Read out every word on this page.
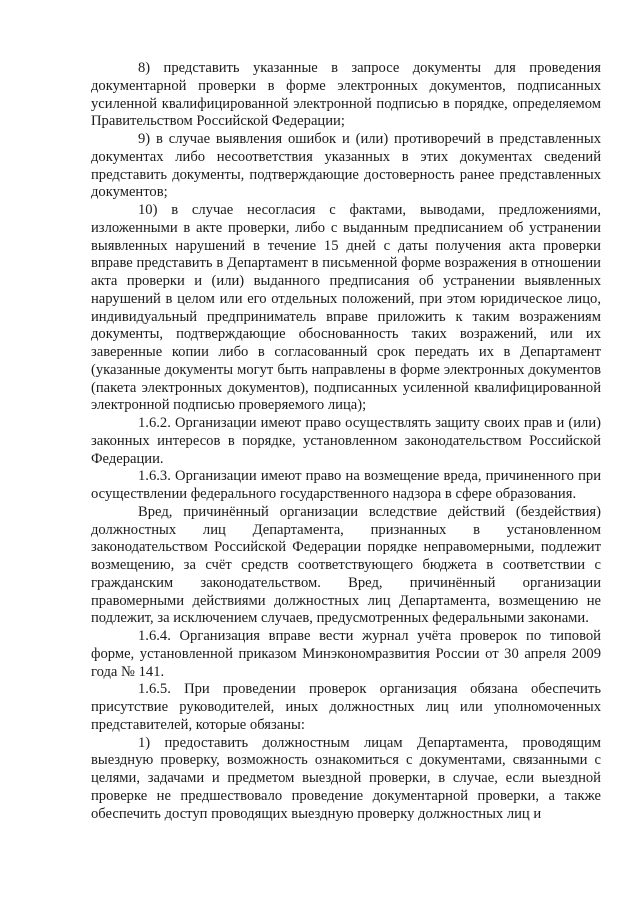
8) представить указанные в запросе документы для проведения документарной проверки в форме электронных документов, подписанных усиленной квалифицированной электронной подписью в порядке, определяемом Правительством Российской Федерации;

9) в случае выявления ошибок и (или) противоречий в представленных документах либо несоответствия указанных в этих документах сведений представить документы, подтверждающие достоверность ранее представленных документов;

10) в случае несогласия с фактами, выводами, предложениями, изложенными в акте проверки, либо с выданным предписанием об устранении выявленных нарушений в течение 15 дней с даты получения акта проверки вправе представить в Департамент в письменной форме возражения в отношении акта проверки и (или) выданного предписания об устранении выявленных нарушений в целом или его отдельных положений, при этом юридическое лицо, индивидуальный предприниматель вправе приложить к таким возражениям документы, подтверждающие обоснованность таких возражений, или их заверенные копии либо в согласованный срок передать их в Департамент (указанные документы могут быть направлены в форме электронных документов (пакета электронных документов), подписанных усиленной квалифицированной электронной подписью проверяемого лица);

1.6.2. Организации имеют право осуществлять защиту своих прав и (или) законных интересов в порядке, установленном законодательством Российской Федерации.

1.6.3. Организации имеют право на возмещение вреда, причиненного при осуществлении федерального государственного надзора в сфере образования.

Вред, причинённый организации вследствие действий (бездействия) должностных лиц Департамента, признанных в установленном законодательством Российской Федерации порядке неправомерными, подлежит возмещению, за счёт средств соответствующего бюджета в соответствии с гражданским законодательством. Вред, причинённый организации правомерными действиями должностных лиц Департамента, возмещению не подлежит, за исключением случаев, предусмотренных федеральными законами.

1.6.4. Организация вправе вести журнал учёта проверок по типовой форме, установленной приказом Минэкономразвития России от 30 апреля 2009 года № 141.

1.6.5. При проведении проверок организация обязана обеспечить присутствие руководителей, иных должностных лиц или уполномоченных представителей, которые обязаны:

1) предоставить должностным лицам Департамента, проводящим выездную проверку, возможность ознакомиться с документами, связанными с целями, задачами и предметом выездной проверки, в случае, если выездной проверке не предшествовало проведение документарной проверки, а также обеспечить доступ проводящих выездную проверку должностных лиц и
